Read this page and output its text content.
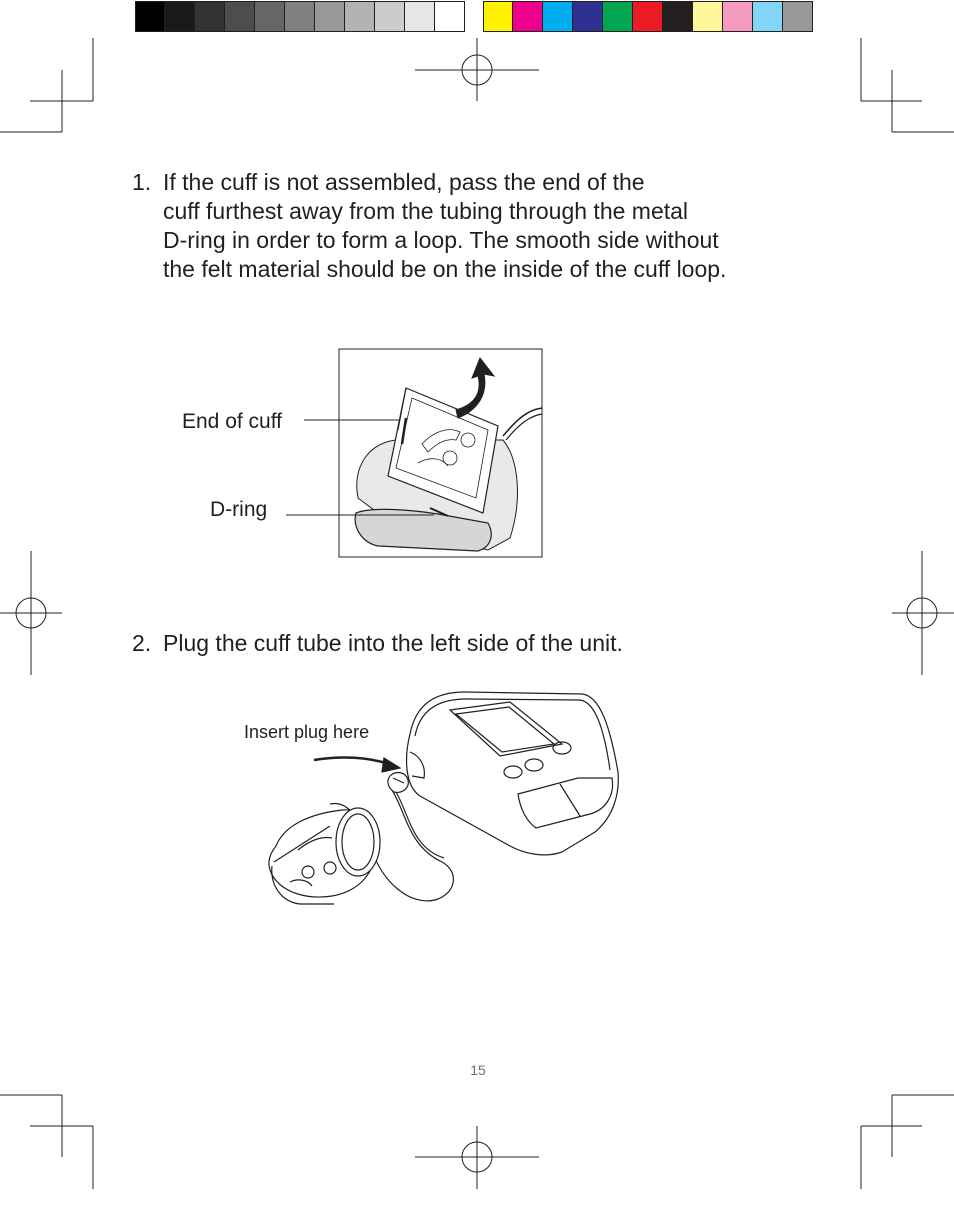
1. If the cuff is not assembled, pass the end of the
cuff furthest away from the tubing through the metal
D-ring in order to form a loop. The smooth side without
the felt material should be on the inside of the cuff loop.
End of cuff
D-ring
2. Plug the cuff tube into the left side of the unit.
Insert plug here
15
